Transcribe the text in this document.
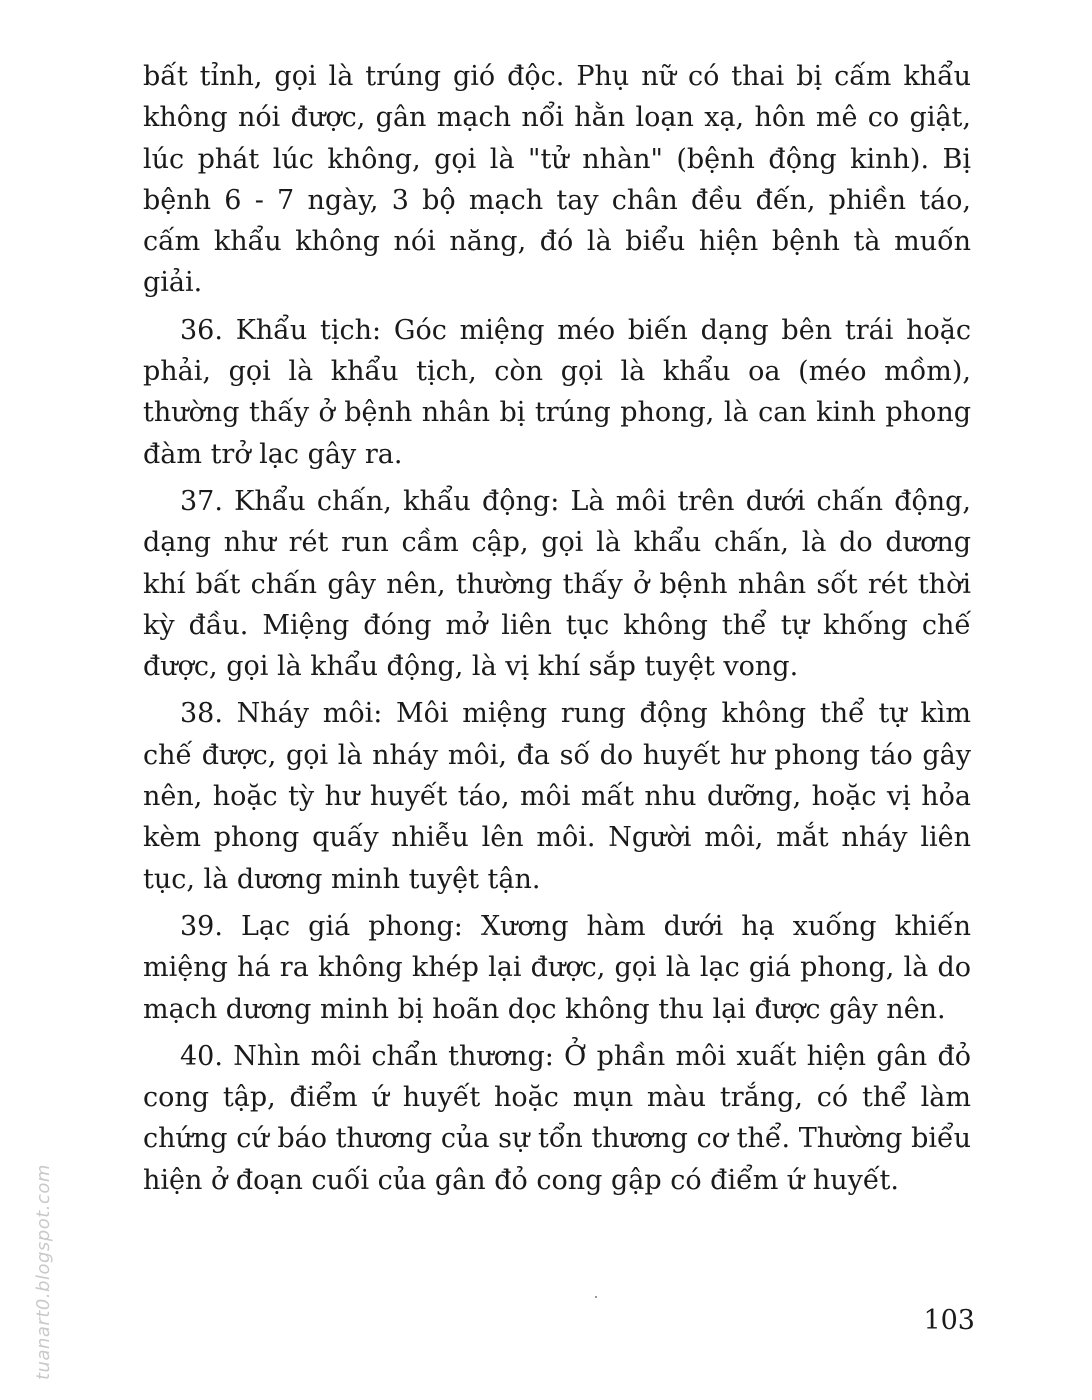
bất tỉnh, gọi là trúng gió độc. Phụ nữ có thai bị cấm khẩu không nói được, gân mạch nổi hằn loạn xạ, hôn mê co giật, lúc phát lúc không, gọi là "tử nhàn" (bệnh động kinh). Bị bệnh 6 - 7 ngày, 3 bộ mạch tay chân đều đến, phiền táo, cấm khẩu không nói năng, đó là biểu hiện bệnh tà muốn giải.

36. Khẩu tịch: Góc miệng méo biến dạng bên trái hoặc phải, gọi là khẩu tịch, còn gọi là khẩu oa (méo mồm), thường thấy ở bệnh nhân bị trúng phong, là can kinh phong đàm trở lạc gây ra.

37. Khẩu chấn, khẩu động: Là môi trên dưới chấn động, dạng như rét run cầm cập, gọi là khẩu chấn, là do dương khí bất chấn gây nên, thường thấy ở bệnh nhân sốt rét thời kỳ đầu. Miệng đóng mở liên tục không thể tự khống chế được, gọi là khẩu động, là vị khí sắp tuyệt vong.

38. Nháy môi: Môi miệng rung động không thể tự kìm chế được, gọi là nháy môi, đa số do huyết hư phong táo gây nên, hoặc tỳ hư huyết táo, môi mất nhu dưỡng, hoặc vị hỏa kèm phong quấy nhiễu lên môi. Người môi, mắt nháy liên tục, là dương minh tuyệt tận.

39. Lạc giá phong: Xương hàm dưới hạ xuống khiến miệng há ra không khép lại được, gọi là lạc giá phong, là do mạch dương minh bị hoãn dọc không thu lại được gây nên.

40. Nhìn môi chẩn thương: Ở phần môi xuất hiện gân đỏ cong tập, điểm ứ huyết hoặc mụn màu trắng, có thể làm chứng cứ báo thương của sự tổn thương cơ thể. Thường biểu hiện ở đoạn cuối của gân đỏ cong gập có điểm ứ huyết.

103
tuanart0.blogspot.com
